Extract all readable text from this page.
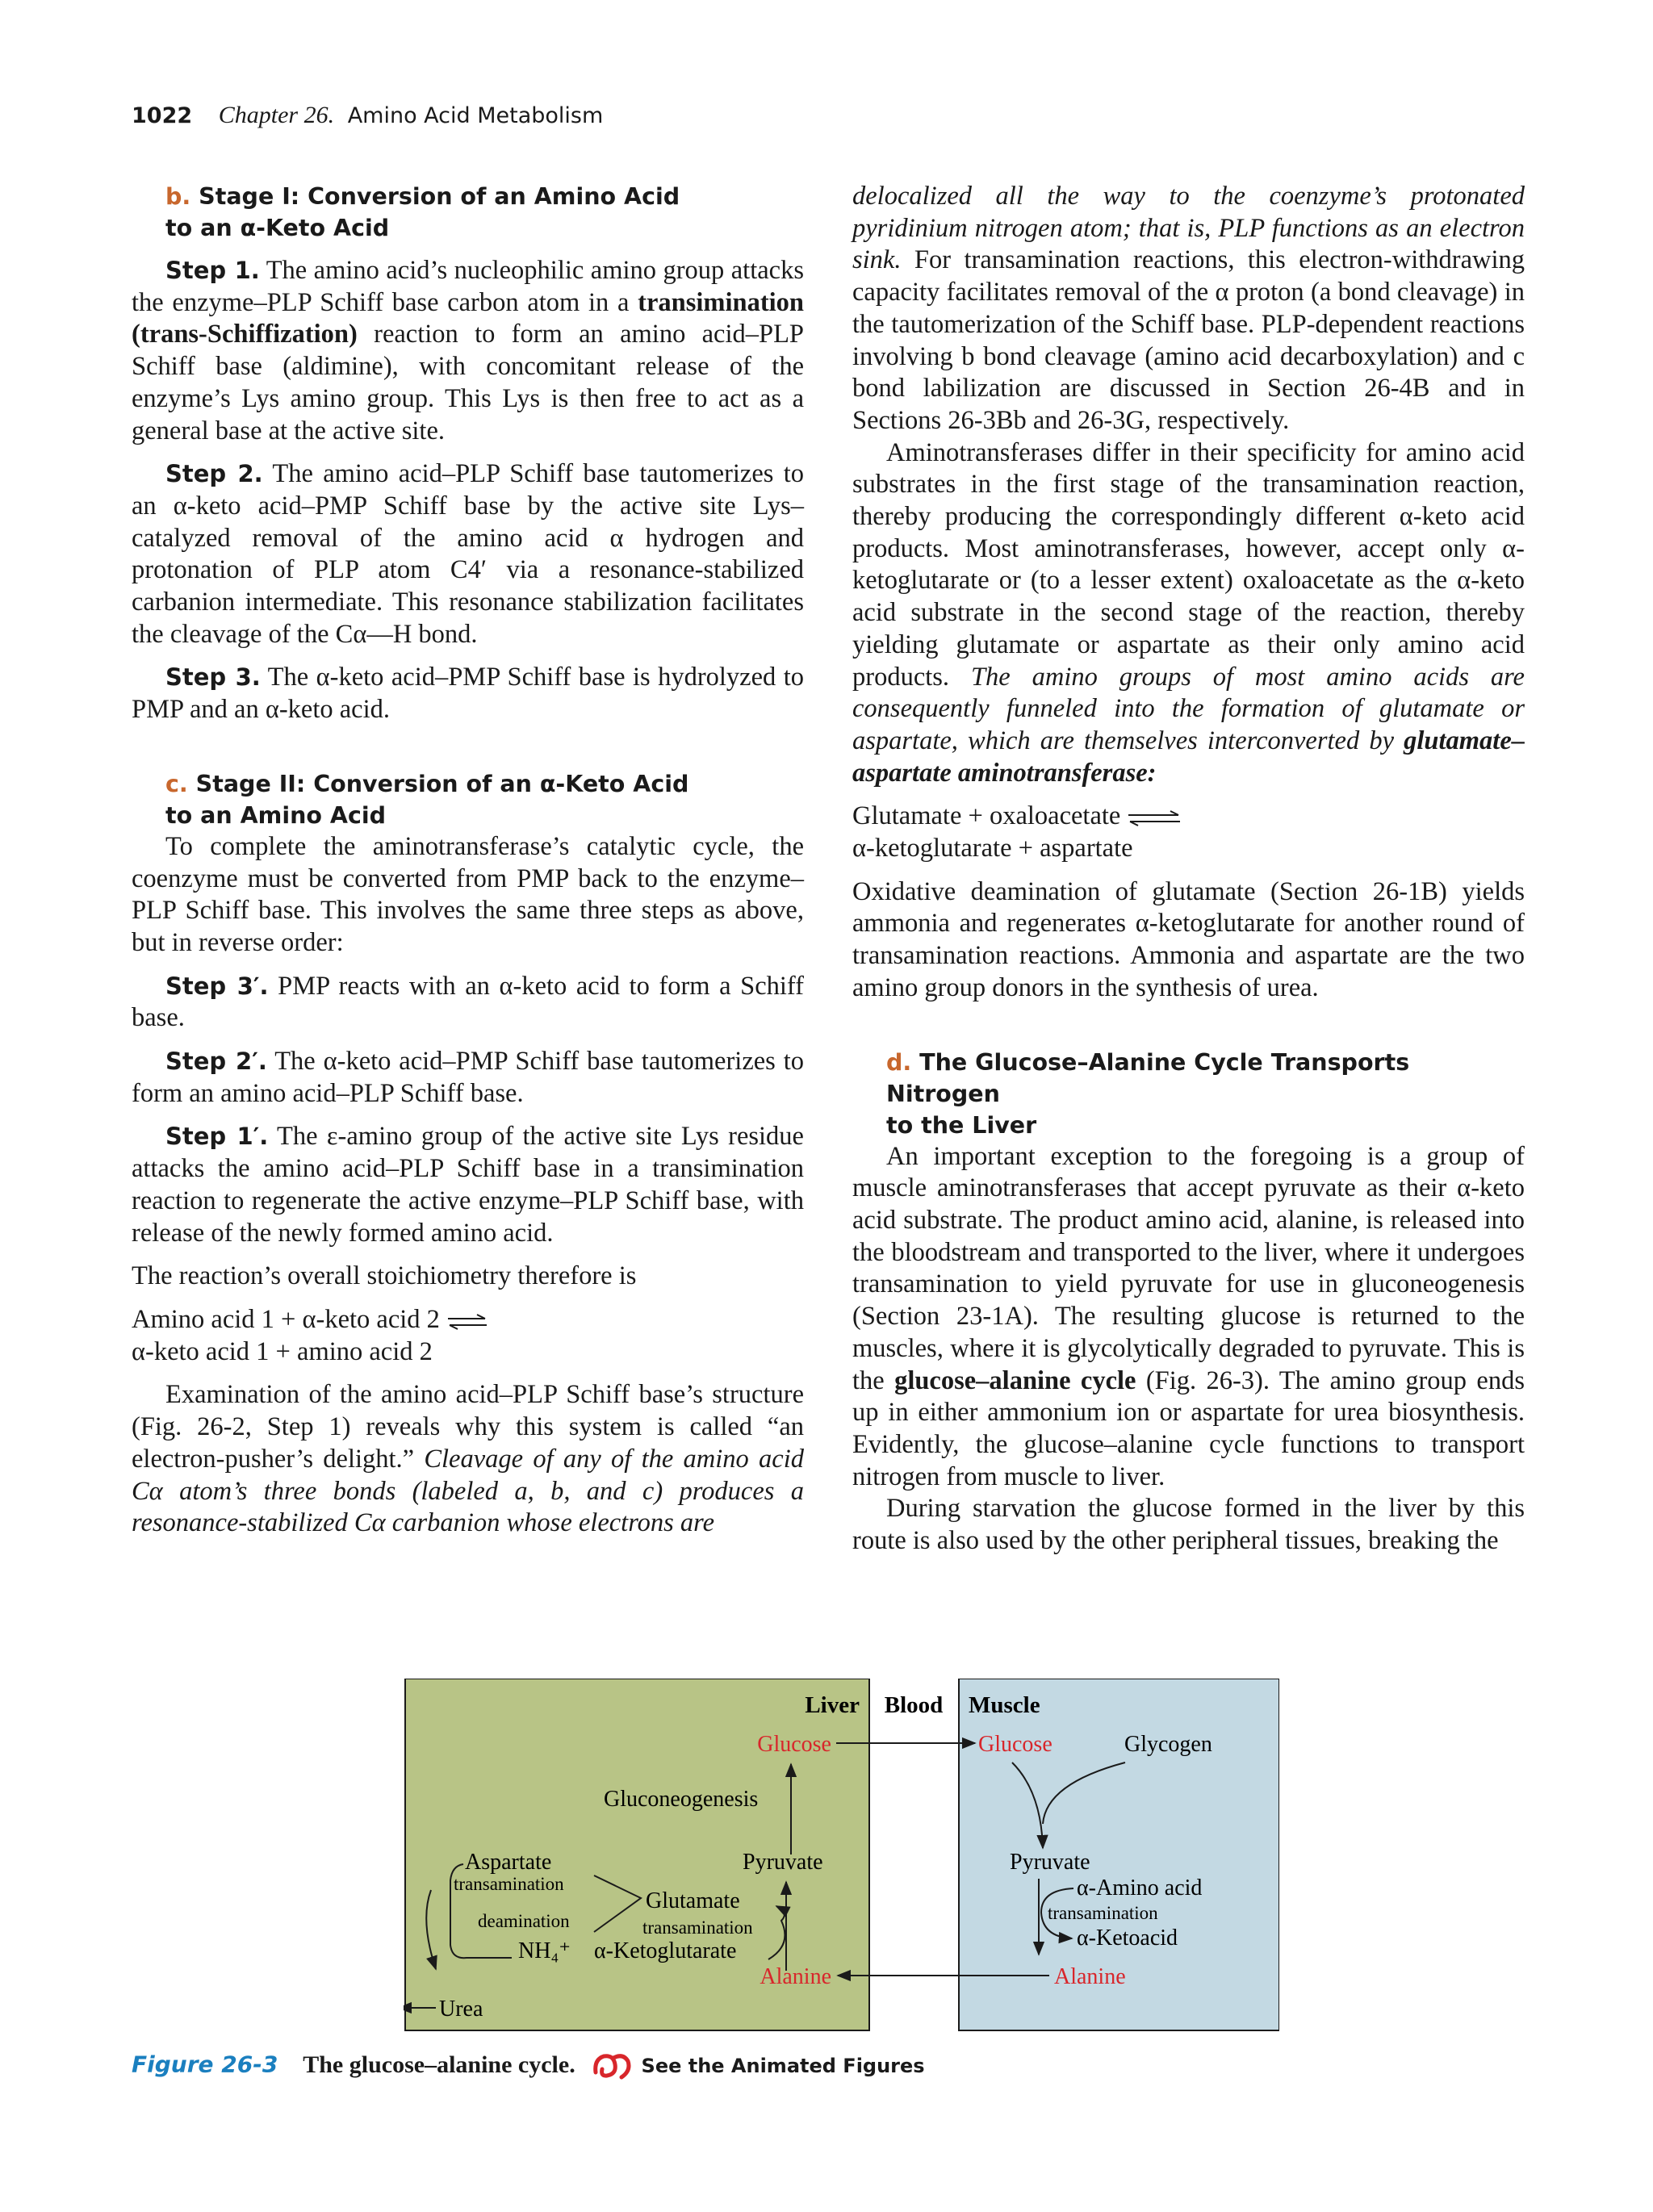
1022 Chapter 26. Amino Acid Metabolism
b. Stage I: Conversion of an Amino Acid
to an α-Keto Acid

Step 1. The amino acid’s nucleophilic amino group attacks the enzyme–PLP Schiff base carbon atom in a transimination (trans-Schiffization) reaction to form an amino acid–PLP Schiff base (aldimine), with concomitant release of the enzyme’s Lys amino group. This Lys is then free to act as a general base at the active site.

Step 2. The amino acid–PLP Schiff base tautomerizes to an α-keto acid–PMP Schiff base by the active site Lys–catalyzed removal of the amino acid α hydrogen and protonation of PLP atom C4′ via a resonance-stabilized carbanion intermediate. This resonance stabilization facilitates the cleavage of the Cα—H bond.

Step 3. The α-keto acid–PMP Schiff base is hydrolyzed to PMP and an α-keto acid.

c. Stage II: Conversion of an α-Keto Acid
to an Amino Acid

To complete the aminotransferase’s catalytic cycle, the coenzyme must be converted from PMP back to the enzyme–PLP Schiff base. This involves the same three steps as above, but in reverse order:

Step 3′. PMP reacts with an α-keto acid to form a Schiff base.

Step 2′. The α-keto acid–PMP Schiff base tautomerizes to form an amino acid–PLP Schiff base.

Step 1′. The ε-amino group of the active site Lys residue attacks the amino acid–PLP Schiff base in a transimination reaction to regenerate the active enzyme–PLP Schiff base, with release of the newly formed amino acid.

The reaction’s overall stoichiometry therefore is

Amino acid 1 + α-keto acid 2 ⇌

α-keto acid 1 + amino acid 2

Examination of the amino acid–PLP Schiff base’s structure (Fig. 26-2, Step 1) reveals why this system is called “an electron-pusher’s delight.” Cleavage of any of the amino acid Cα atom’s three bonds (labeled a, b, and c) produces a resonance-stabilized Cα carbanion whose electrons are

delocalized all the way to the coenzyme’s protonated pyridinium nitrogen atom; that is, PLP functions as an electron sink. For transamination reactions, this electron-withdrawing capacity facilitates removal of the α proton (a bond cleavage) in the tautomerization of the Schiff base. PLP-dependent reactions involving b bond cleavage (amino acid decarboxylation) and c bond labilization are discussed in Section 26-4B and in Sections 26-3Bb and 26-3G, respectively.

Aminotransferases differ in their specificity for amino acid substrates in the first stage of the transamination reaction, thereby producing the correspondingly different α-keto acid products. Most aminotransferases, however, accept only α-ketoglutarate or (to a lesser extent) oxaloacetate as the α-keto acid substrate in the second stage of the reaction, thereby yielding glutamate or aspartate as their only amino acid products. The amino groups of most amino acids are consequently funneled into the formation of glutamate or aspartate, which are themselves interconverted by glutamate–aspartate aminotransferase:

Glutamate + oxaloacetate ⇌

α-ketoglutarate + aspartate

Oxidative deamination of glutamate (Section 26-1B) yields ammonia and regenerates α-ketoglutarate for another round of transamination reactions. Ammonia and aspartate are the two amino group donors in the synthesis of urea.

d. The Glucose–Alanine Cycle Transports Nitrogen
to the Liver

An important exception to the foregoing is a group of muscle aminotransferases that accept pyruvate as their α-keto acid substrate. The product amino acid, alanine, is released into the bloodstream and transported to the liver, where it undergoes transamination to yield pyruvate for use in gluconeogenesis (Section 23-1A). The resulting glucose is returned to the muscles, where it is glycolytically degraded to pyruvate. This is the glucose–alanine cycle (Fig. 26-3). The amino group ends up in either ammonium ion or aspartate for urea biosynthesis. Evidently, the glucose–alanine cycle functions to transport nitrogen from muscle to liver.

During starvation the glucose formed in the liver by this route is also used by the other peripheral tissues, breaking the

Liver Blood Muscle
Glucose	Glucose	Glycogen
Gluconeogenesis
Pyruvate
Aspartate
transamination
Glutamate
deamination	transamination
NH₄⁺ α-Ketoglutarate
Alanine
Urea
Pyruvate
α-Amino acid
transamination
α-Ketoacid
Alanine
Figure 26-3 The glucose–alanine cycle.	See the Animated Figures
